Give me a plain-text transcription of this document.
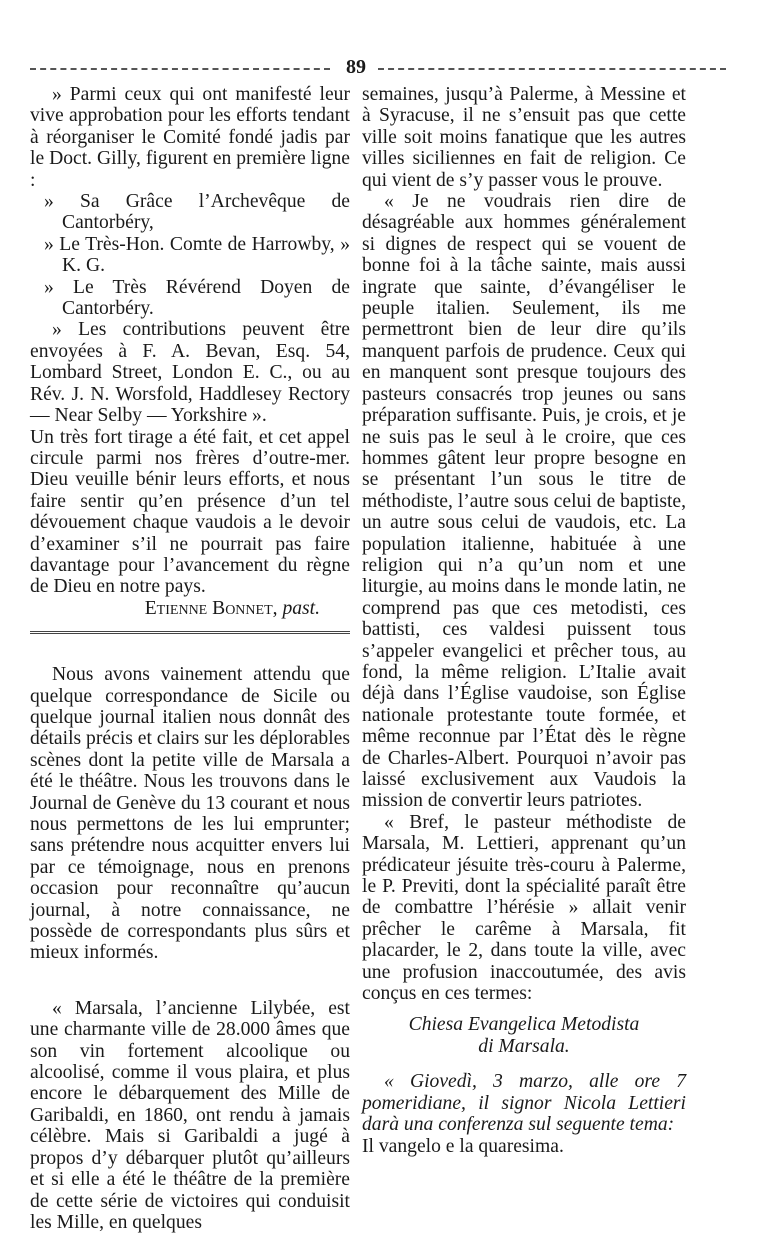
89

» Parmi ceux qui ont manifesté leur vive approbation pour les efforts tendant à réorganiser le Comité fondé jadis par le Doct. Gilly, figurent en première ligne :

» Sa Grâce l’Archevêque de Cantorbéry,

» Le Très-Hon. Comte de Harrowby, » K. G.

» Le Très Révérend Doyen de Cantorbéry.

» Les contributions peuvent être envoyées à F. A. Bevan, Esq. 54, Lombard Street, London E. C., ou au Rév. J. N. Worsfold, Haddlesey Rectory — Near Selby — Yorkshire ».

Un très fort tirage a été fait, et cet appel circule parmi nos frères d’outre-mer. Dieu veuille bénir leurs efforts, et nous faire sentir qu’en présence d’un tel dévouement chaque vaudois a le devoir d’examiner s’il ne pourrait pas faire davantage pour l’avancement du règne de Dieu en notre pays.

Etienne Bonnet, past.

Nous avons vainement attendu que quelque correspondance de Sicile ou quelque journal italien nous donnât des détails précis et clairs sur les déplorables scènes dont la petite ville de Marsala a été le théâtre. Nous les trouvons dans le Journal de Genève du 13 courant et nous nous permettons de les lui emprunter; sans prétendre nous acquitter envers lui par ce témoignage, nous en prenons occasion pour reconnaître qu’aucun journal, à notre connaissance, ne possède de correspondants plus sûrs et mieux informés.

« Marsala, l’ancienne Lilybée, est une charmante ville de 28.000 âmes que son vin fortement alcoolique ou alcoolisé, comme il vous plaira, et plus encore le débarquement des Mille de Garibaldi, en 1860, ont rendu à jamais célèbre. Mais si Garibaldi a jugé à propos d’y débarquer plutôt qu’ailleurs et si elle a été le théâtre de la première de cette série de victoires qui conduisit les Mille, en quelques

semaines, jusqu’à Palerme, à Messine et à Syracuse, il ne s’ensuit pas que cette ville soit moins fanatique que les autres villes siciliennes en fait de religion. Ce qui vient de s’y passer vous le prouve.

« Je ne voudrais rien dire de désagréable aux hommes généralement si dignes de respect qui se vouent de bonne foi à la tâche sainte, mais aussi ingrate que sainte, d’évangéliser le peuple italien. Seulement, ils me permettront bien de leur dire qu’ils manquent parfois de prudence. Ceux qui en manquent sont presque toujours des pasteurs consacrés trop jeunes ou sans préparation suffisante. Puis, je crois, et je ne suis pas le seul à le croire, que ces hommes gâtent leur propre besogne en se présentant l’un sous le titre de méthodiste, l’autre sous celui de baptiste, un autre sous celui de vaudois, etc. La population italienne, habituée à une religion qui n’a qu’un nom et une liturgie, au moins dans le monde latin, ne comprend pas que ces metodisti, ces battisti, ces valdesi puissent tous s’appeler evangelici et prêcher tous, au fond, la même religion. L’Italie avait déjà dans l’Église vaudoise, son Église nationale protestante toute formée, et même reconnue par l’État dès le règne de Charles-Albert. Pourquoi n’avoir pas laissé exclusivement aux Vaudois la mission de convertir leurs patriotes.

« Bref, le pasteur méthodiste de Marsala, M. Lettieri, apprenant qu’un prédicateur jésuite très-couru à Palerme, le P. Previti, dont la spécialité paraît être de combattre l’hérésie » allait venir prêcher le carême à Marsala, fit placarder, le 2, dans toute la ville, avec une profusion inaccoutumée, des avis conçus en ces termes:

Chiesa Evangelica Metodista

di Marsala.

« Giovedì, 3 marzo, alle ore 7 pomeridiane, il signor Nicola Lettieri darà una conferenza sul seguente tema:

Il vangelo e la quaresima.
